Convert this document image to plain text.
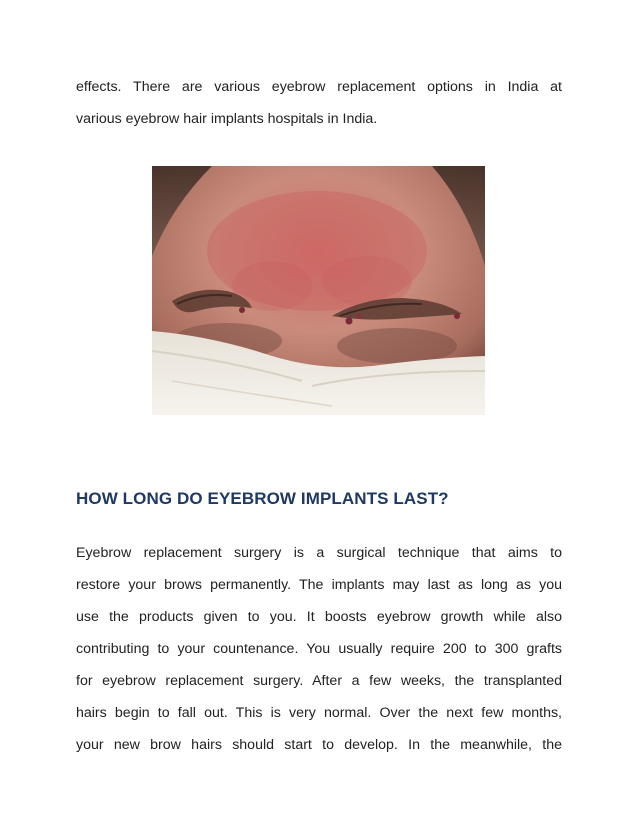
effects. There are various eyebrow replacement options in India at

various eyebrow hair implants hospitals in India.

HOW LONG DO EYEBROW IMPLANTS LAST?

Eyebrow replacement surgery is a surgical technique that aims to

restore your brows permanently. The implants may last as long as you

use the products given to you. It boosts eyebrow growth while also

contributing to your countenance. You usually require 200 to 300 grafts

for eyebrow replacement surgery. After a few weeks, the transplanted

hairs begin to fall out. This is very normal. Over the next few months,

your new brow hairs should start to develop. In the meanwhile, the
